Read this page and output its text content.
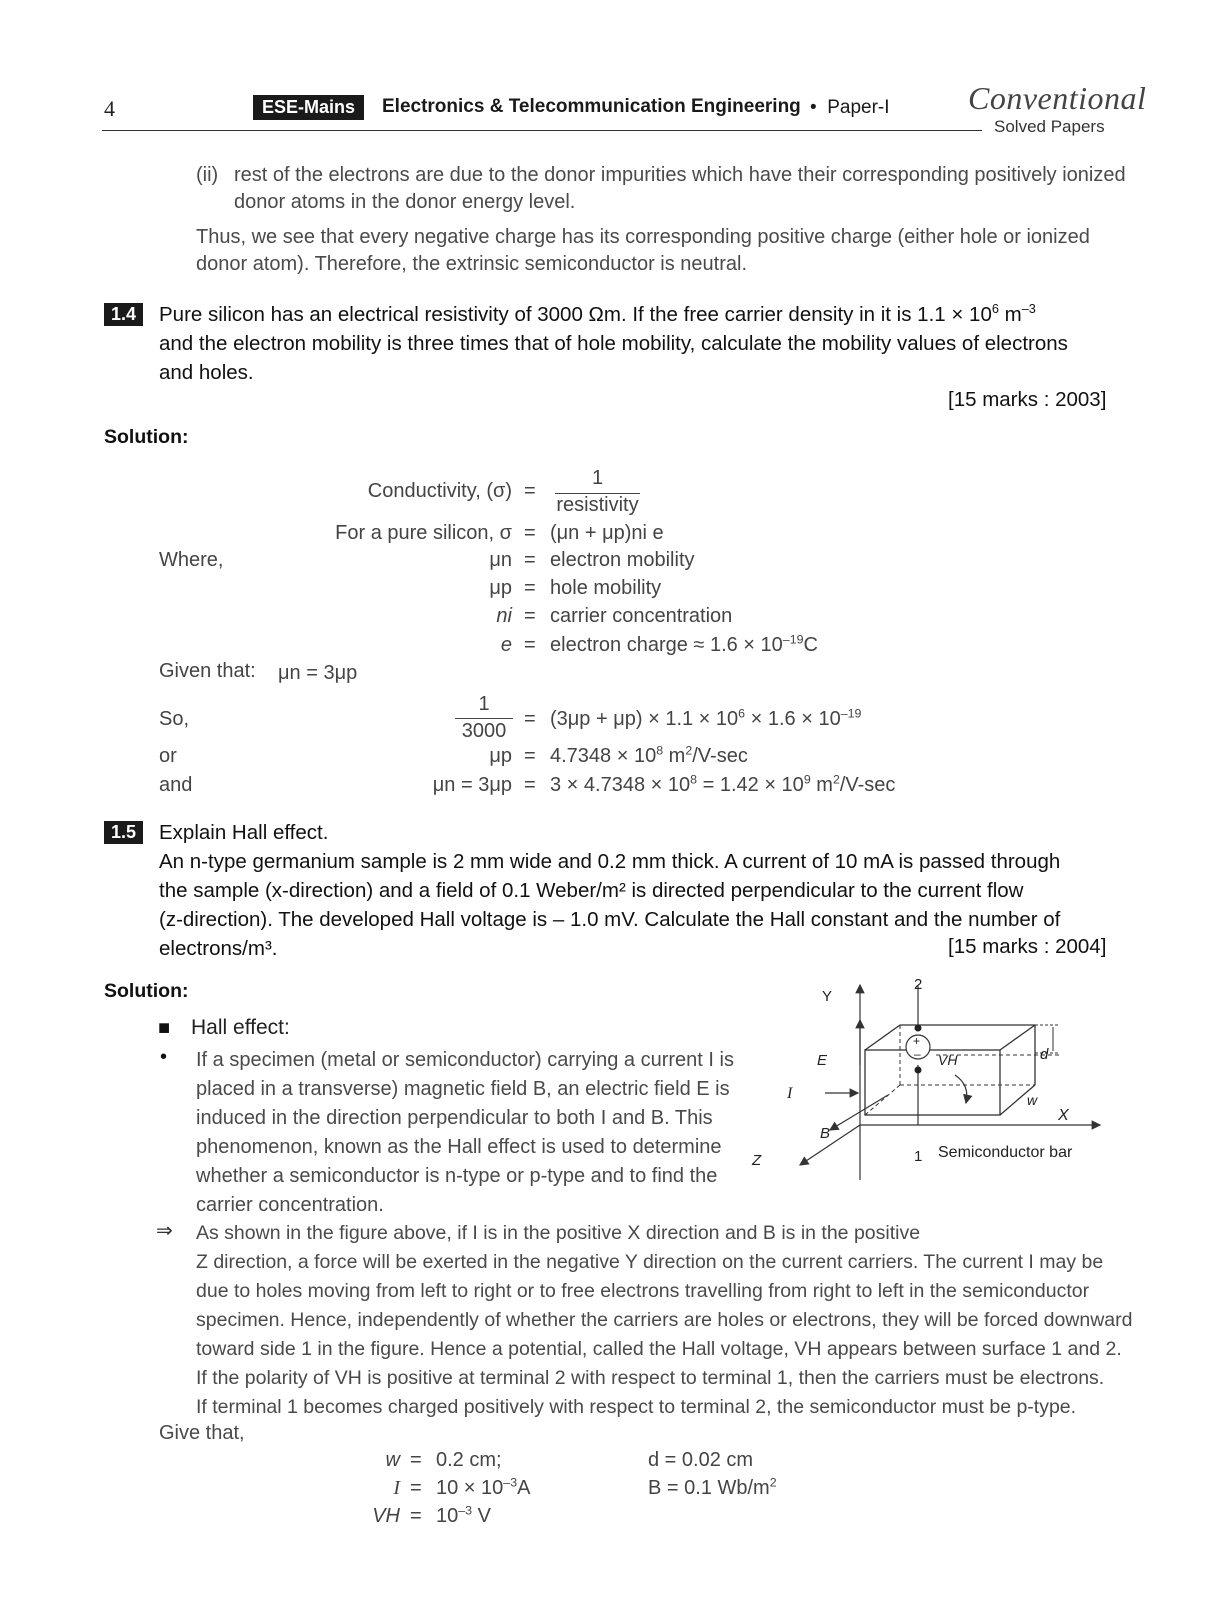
4	ESE-Mains	Electronics & Telecommunication Engineering • Paper-I Conventional
Solved Papers
(ii) rest of the electrons are due to the donor impurities which have their corresponding positively ionized
donor atoms in the donor energy level.
Thus, we see that every negative charge has its corresponding positive charge (either hole or ionized
donor atom). Therefore, the extrinsic semiconductor is neutral.
1.4	Pure silicon has an electrical resistivity of 3000 Ωm. If the free carrier density in it is $1.1 \times 10^6$ $m^{-3}$
and the electron mobility is three times that of hole mobility, calculate the mobility values of electrons
and holes.
[15 marks : 2003]
Solution:
Conductivity, (σ) =
1
resistivity
For a pure silicon, σ = (μn + μp)ni e
Where,	μn = electron mobility
μp = hole mobility
ni = carrier concentration
e = electron charge ≈ $1.6 \times 10^{-19}C$
Given that: μn = 3μp
So,
1
3000
= $(3\mu p + \mu p) \times 1.1 \times 10^6 \times 1.6 \times 10^{-19}$
or	$\mu p = 4.7348 \times 10^8$ $m^2/V-\sec$
and	$\mu n = 3\mu p = 3 \times 4.7348 \times 10^8 = 1.42 \times 10^9$ $m^2/V-\sec$
1.5	Explain Hall effect.
An n-type germanium sample is 2 mm wide and 0.2 mm thick. A current of 10 mA is passed through
the sample (x-direction) and a field of 0.1 Weber/m² is directed perpendicular to the current flow
(z-direction). The developed Hall voltage is – 1.0 mV. Calculate the Hall constant and the number of
electrons/m³.	[15 marks : 2004]
Solution:
■ Hall effect:
• If a specimen (metal or semiconductor) carrying a current I is
placed in a transverse) magnetic field B, an electric field E is
induced in the direction perpendicular to both I and B. This
phenomenon, known as the Hall effect is used to determine
whether a semiconductor is n-type or p-type and to find the
carrier concentration.
⇒ As shown in the figure above, if I is in the positive X direction and B is in the positive
Z direction, a force will be exerted in the negative Y direction on the current carriers. The current I may be
due to holes moving from left to right or to free electrons travelling from right to left in the semiconductor
specimen. Hence, independently of whether the carriers are holes or electrons, they will be forced downward
toward side 1 in the figure. Hence a potential, called the Hall voltage, VH appears between surface 1 and 2.
If the polarity of VH is positive at terminal 2 with respect to terminal 1, then the carriers must be electrons.
If terminal 1 becomes charged positively with respect to terminal 2, the semiconductor must be p-type.
Give that,
w = 0.2 cm;	d = 0.02 cm
$I = 10 \times 10^{-3}A$	B = 0.1 $Wb/m^2$
VH = $10^{-3}$ V
Y
2
E
I
B
Z	1
X
d
w
VH
+
–
Semiconductor bar
